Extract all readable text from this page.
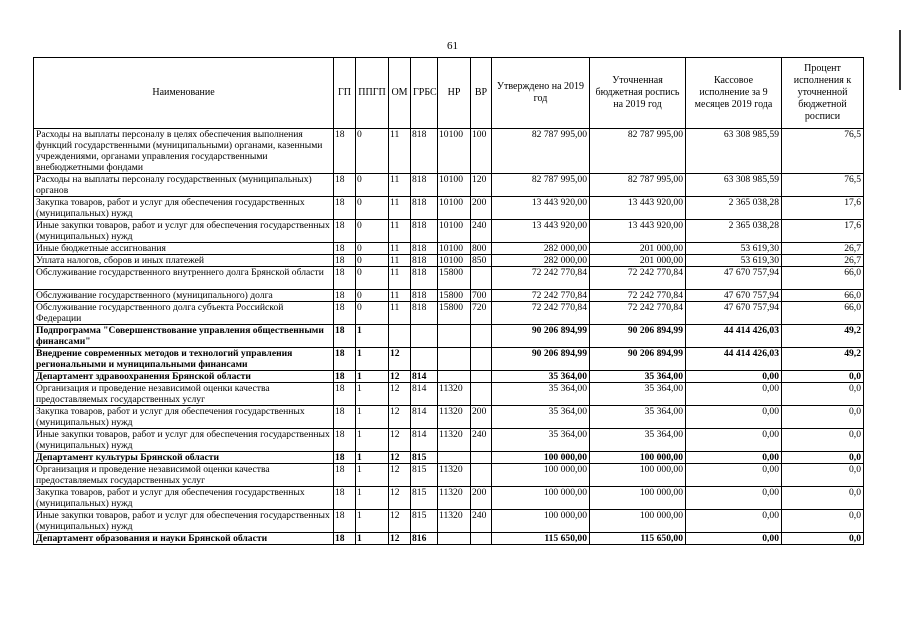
61
Наименование	ГП	ППГП	ОМ	ГРБС	НР	ВР	Утверждено на 2019 год	Уточненная бюджетная роспись на 2019 год	Кассовое исполнение за 9 месяцев 2019 года	Процент исполнения к уточненной бюджетной росписи
Расходы на выплаты персоналу в целях обеспечения выполнения функций государственными (муниципальными) органами, казенными учреждениями, органами управления государственными внебюджетными фондами	18	0	11	818	10100	100	82 787 995,00	82 787 995,00	63 308 985,59	76,5
Расходы на выплаты персоналу государственных (муниципальных) органов	18	0	11	818	10100	120	82 787 995,00	82 787 995,00	63 308 985,59	76,5
Закупка товаров, работ и услуг для обеспечения государственных (муниципальных) нужд	18	0	11	818	10100	200	13 443 920,00	13 443 920,00	2 365 038,28	17,6
Иные закупки товаров, работ и услуг для обеспечения государственных (муниципальных) нужд	18	0	11	818	10100	240	13 443 920,00	13 443 920,00	2 365 038,28	17,6
Иные бюджетные ассигнования	18	0	11	818	10100	800	282 000,00	201 000,00	53 619,30	26,7
Уплата налогов, сборов и иных платежей	18	0	11	818	10100	850	282 000,00	201 000,00	53 619,30	26,7
Обслуживание государственного внутреннего долга Брянской области	18	0	11	818	15800		72 242 770,84	72 242 770,84	47 670 757,94	66,0
Обслуживание государственного (муниципального) долга	18	0	11	818	15800	700	72 242 770,84	72 242 770,84	47 670 757,94	66,0
Обслуживание государственного долга субъекта Российской Федерации	18	0	11	818	15800	720	72 242 770,84	72 242 770,84	47 670 757,94	66,0
Подпрограмма "Совершенствование управления общественными финансами"	18	1					90 206 894,99	90 206 894,99	44 414 426,03	49,2
Внедрение современных методов и технологий управления региональными и муниципальными финансами	18	1	12				90 206 894,99	90 206 894,99	44 414 426,03	49,2
Департамент здравоохранения Брянской области	18	1	12	814			35 364,00	35 364,00	0,00	0,0
Организация и проведение независимой оценки качества предоставляемых государственных услуг	18	1	12	814	11320		35 364,00	35 364,00	0,00	0,0
Закупка товаров, работ и услуг для обеспечения государственных (муниципальных) нужд	18	1	12	814	11320	200	35 364,00	35 364,00	0,00	0,0
Иные закупки товаров, работ и услуг для обеспечения государственных (муниципальных) нужд	18	1	12	814	11320	240	35 364,00	35 364,00	0,00	0,0
Департамент культуры Брянской области	18	1	12	815			100 000,00	100 000,00	0,00	0,0
Организация и проведение независимой оценки качества предоставляемых государственных услуг	18	1	12	815	11320		100 000,00	100 000,00	0,00	0,0
Закупка товаров, работ и услуг для обеспечения государственных (муниципальных) нужд	18	1	12	815	11320	200	100 000,00	100 000,00	0,00	0,0
Иные закупки товаров, работ и услуг для обеспечения государственных (муниципальных) нужд	18	1	12	815	11320	240	100 000,00	100 000,00	0,00	0,0
Департамент образования и науки Брянской области	18	1	12	816			115 650,00	115 650,00	0,00	0,0
